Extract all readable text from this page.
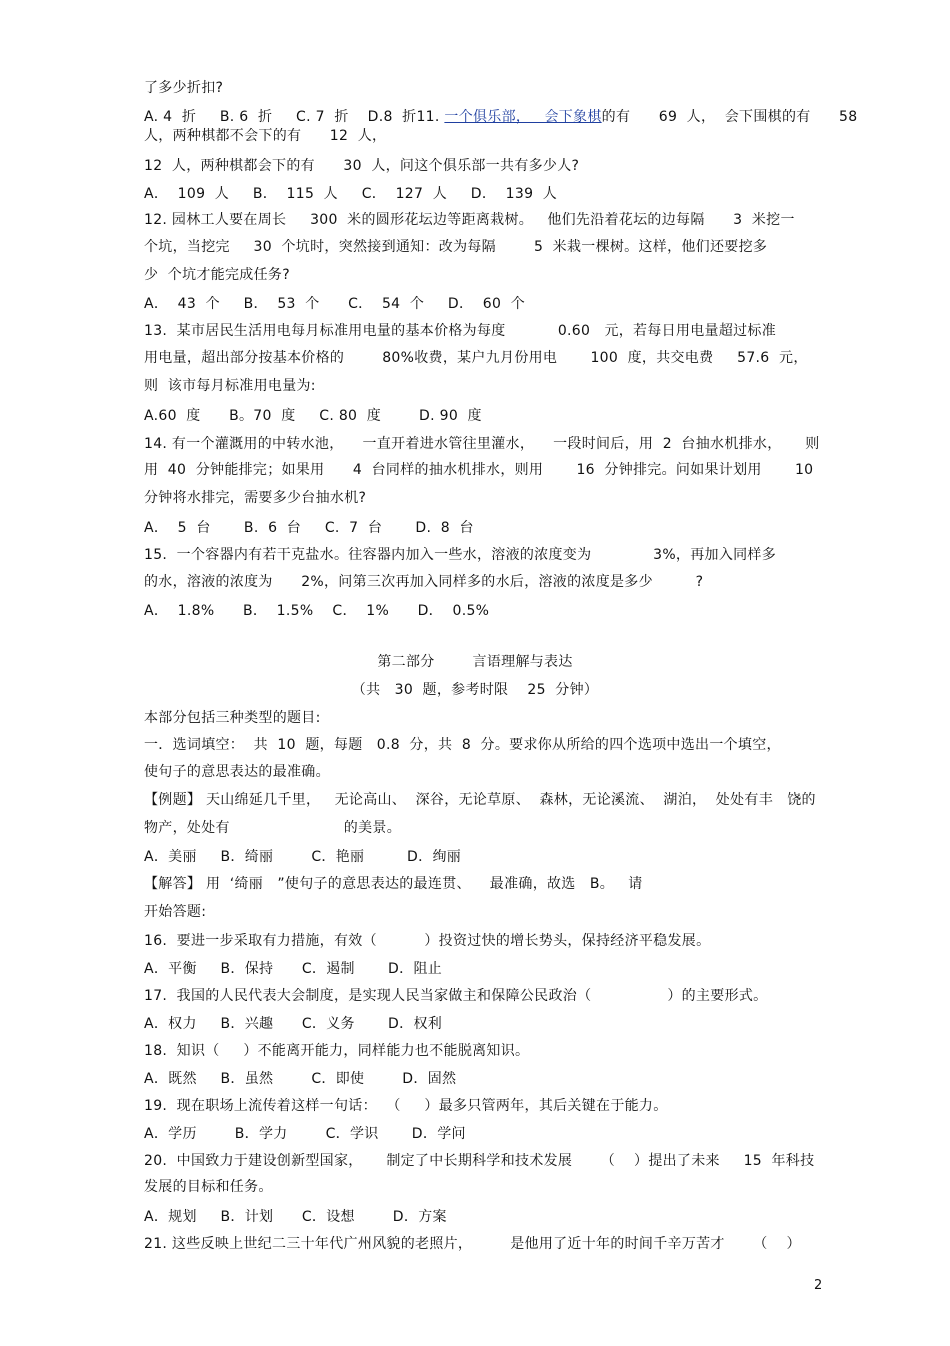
了多少折扣?
A. 4  折     B. 6  折     C. 7  折    D.8  折11. 一个俱乐部，   会下象棋的有      69  人，  会下围棋的有      58
人，两种棋都不会下的有      12  人，
12  人，两种棋都会下的有      30  人，问这个俱乐部一共有多少人?
A．  109  人     B．  115  人     C．  127  人     D．  139  人
12. 园林工人要在周长     300  米的圆形花坛边等距离栽树。   他们先沿着花坛的边每隔      3  米挖一
个坑，当挖完     30  个坑时，突然接到通知：改为每隔        5  米栽一棵树。这样，他们还要挖多
少  个坑才能完成任务?
A．  43  个     B．  53  个      C．  54  个     D．  60  个
13.  某市居民生活用电每月标准用电量的基本价格为每度           0.60   元，若每日用电量超过标准
用电量，超出部分按基本价格的        80%收费，某户九月份用电       100  度，共交电费     57.6  元，
则  该市每月标准用电量为:
A.60  度      B。70  度     C. 80  度        D. 90  度
14. 有一个灌溉用的中转水池，    一直开着进水管往里灌水，    一段时间后，用  2  台抽水机排水，     则
用  40  分钟能排完；如果用      4  台同样的抽水机排水，则用       16  分钟排完。问如果计划用       10
分钟将水排完，需要多少台抽水机?
A．  5  台       B.  6  台     C.  7  台       D.  8  台
15.  一个容器内有若干克盐水。往容器内加入一些水，溶液的浓度变为             3%，再加入同样多
的水，溶液的浓度为      2%，问第三次再加入同样多的水后，溶液的浓度是多少         ?
A．  1.8%      B．  1.5%    C．  1%      D．  0.5%
第二部分        言语理解与表达
（共   30  题，参考时限    25  分钟）
本部分包括三种类型的题目:
一．选词填空：  共  10  题，每题   0.8  分，共  8  分。要求你从所给的四个选项中选出一个填空，
使句子的意思表达的最准确。
【例题】 天山绵延几千里，   无论高山、  深谷，无论草原、  森林，无论溪流、  湖泊，  处处有丰   饶的
物产，处处有                        的美景。
A．美丽     B．绮丽        C．艳丽         D．绚丽
【解答】 用  ‘绮丽   ”使句子的意思表达的最连贯、    最准确，故选   B。   请
开始答题:
16.  要进一步采取有力措施，有效（          ）投资过快的增长势头，保持经济平稳发展。
A．平衡     B．保持      C．遏制       D．阻止
17.  我国的人民代表大会制度，是实现人民当家做主和保障公民政治（                ）的主要形式。
A．权力     B．兴趣      C．义务       D．权利
18.  知识（     ）不能离开能力，同样能力也不能脱离知识。
A．既然     B．虽然        C．即使        D．固然
19.  现在职场上流传着这样一句话：  （     ）最多只管两年，其后关键在于能力。
A．学历        B．学力        C．学识       D．学问
20.  中国致力于建设创新型国家，     制定了中长期科学和技术发展      （    ）提出了未来     15  年科技
发展的目标和任务。
A．规划     B．计划      C．设想        D．方案
21. 这些反映上世纪二三十年代广州风貌的老照片，        是他用了近十年的时间千辛万苦才      （    ）
2
